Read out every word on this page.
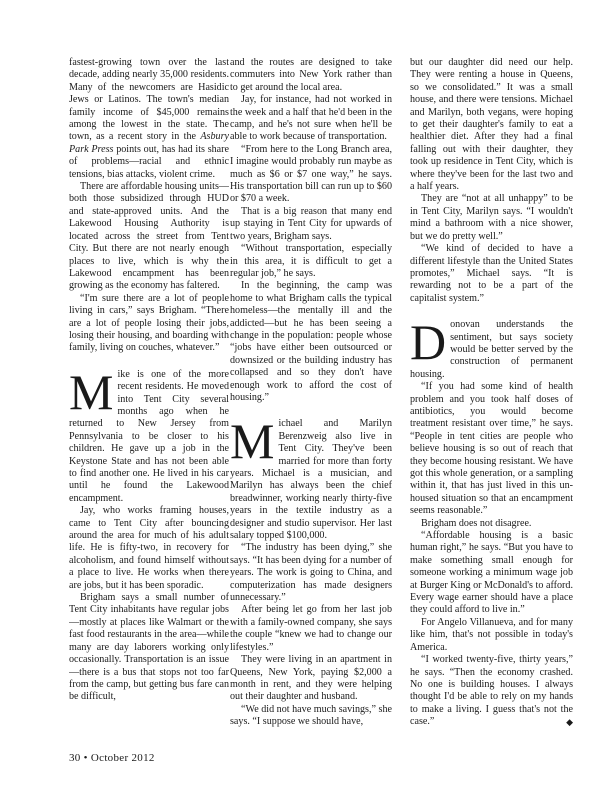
fastest-growing town over the last decade, adding nearly 35,000 residents. Many of the newcomers are Hasidic Jews or Latinos. The town's median family income of $45,000 remains among the lowest in the state. The town, as a recent story in the Asbury Park Press points out, has had its share of problems—racial and ethnic tensions, bias attacks, violent crime.

There are affordable housing units—both those subsidized through HUD and state-approved units. And the Lakewood Housing Authority is located across the street from Tent City. But there are not nearly enough places to live, which is why the Lakewood encampment has been growing as the economy has faltered.

“I'm sure there are a lot of people living in cars,” says Brigham. “There are a lot of people losing their jobs, losing their housing, and boarding with family, living on couches, whatever.”

Mike is one of the more recent residents. He moved into Tent City several months ago when he returned to New Jersey from Pennsylvania to be closer to his children. He gave up a job in the Keystone State and has not been able to find another one. He lived in his car until he found the Lakewood encampment.

Jay, who works framing houses, came to Tent City after bouncing around the area for much of his adult life. He is fifty-two, in recovery for alcoholism, and found himself without a place to live. He works when there are jobs, but it has been sporadic.

Brigham says a small number of Tent City inhabitants have regular jobs—mostly at places like Walmart or the fast food restaurants in the area—while many are day laborers working only occasionally. Transportation is an issue—there is a bus that stops not too far from the camp, but getting bus fare can be difficult,

and the routes are designed to take commuters into New York rather than to get around the local area.

Jay, for instance, had not worked in the week and a half that he'd been in the camp, and he's not sure when he'll be able to work because of transportation.

“From here to the Long Branch area, I imagine would probably run maybe as much as $6 or $7 one way,” he says. His transportation bill can run up to $60 or $70 a week.

That is a big reason that many end up staying in Tent City for upwards of two years, Brigham says.

“Without transportation, especially in this area, it is difficult to get a regular job,” he says.

In the beginning, the camp was home to what Brigham calls the typical homeless—the mentally ill and the addicted—but he has been seeing a change in the population: people whose “jobs have either been outsourced or downsized or the building industry has collapsed and so they don't have enough work to afford the cost of housing.”

Michael and Marilyn Berenzweig also live in Tent City. They've been married for more than forty years. Michael is a musician, and Marilyn has always been the chief breadwinner, working nearly thirty-five years in the textile industry as a designer and studio supervisor. Her last salary topped $100,000.

“The industry has been dying,” she says. “It has been dying for a number of years. The work is going to China, and computerization has made designers unnecessary.”

After being let go from her last job with a family-owned company, she says the couple “knew we had to change our lifestyles.”

They were living in an apartment in Queens, New York, paying $2,000 a month in rent, and they were helping out their daughter and husband.

“We did not have much savings,” she says. “I suppose we should have,

but our daughter did need our help. They were renting a house in Queens, so we consolidated.” It was a small house, and there were tensions. Michael and Marilyn, both vegans, were hoping to get their daughter's family to eat a healthier diet. After they had a final falling out with their daughter, they took up residence in Tent City, which is where they've been for the last two and a half years.

They are “not at all unhappy” to be in Tent City, Marilyn says. “I wouldn't mind a bathroom with a nice shower, but we do pretty well.”

“We kind of decided to have a different lifestyle than the United States promotes,” Michael says. “It is rewarding not to be a part of the capitalist system.”

Donovan understands the sentiment, but says society would be better served by the construction of permanent housing.

“If you had some kind of health problem and you took half doses of antibiotics, you would become treatment resistant over time,” he says. “People in tent cities are people who believe housing is so out of reach that they become housing resistant. We have got this whole generation, or a sampling within it, that has just lived in this un-housed situation so that an encampment seems reasonable.”

Brigham does not disagree.

“Affordable housing is a basic human right,” he says. “But you have to make something small enough for someone working a minimum wage job at Burger King or McDonald's to afford. Every wage earner should have a place they could afford to live in.”

For Angelo Villanueva, and for many like him, that's not possible in today's America.

“I worked twenty-five, thirty years,” he says. “Then the economy crashed. No one is building houses. I always thought I'd be able to rely on my hands to make a living. I guess that's not the case.”	◆

30 • October 2012
